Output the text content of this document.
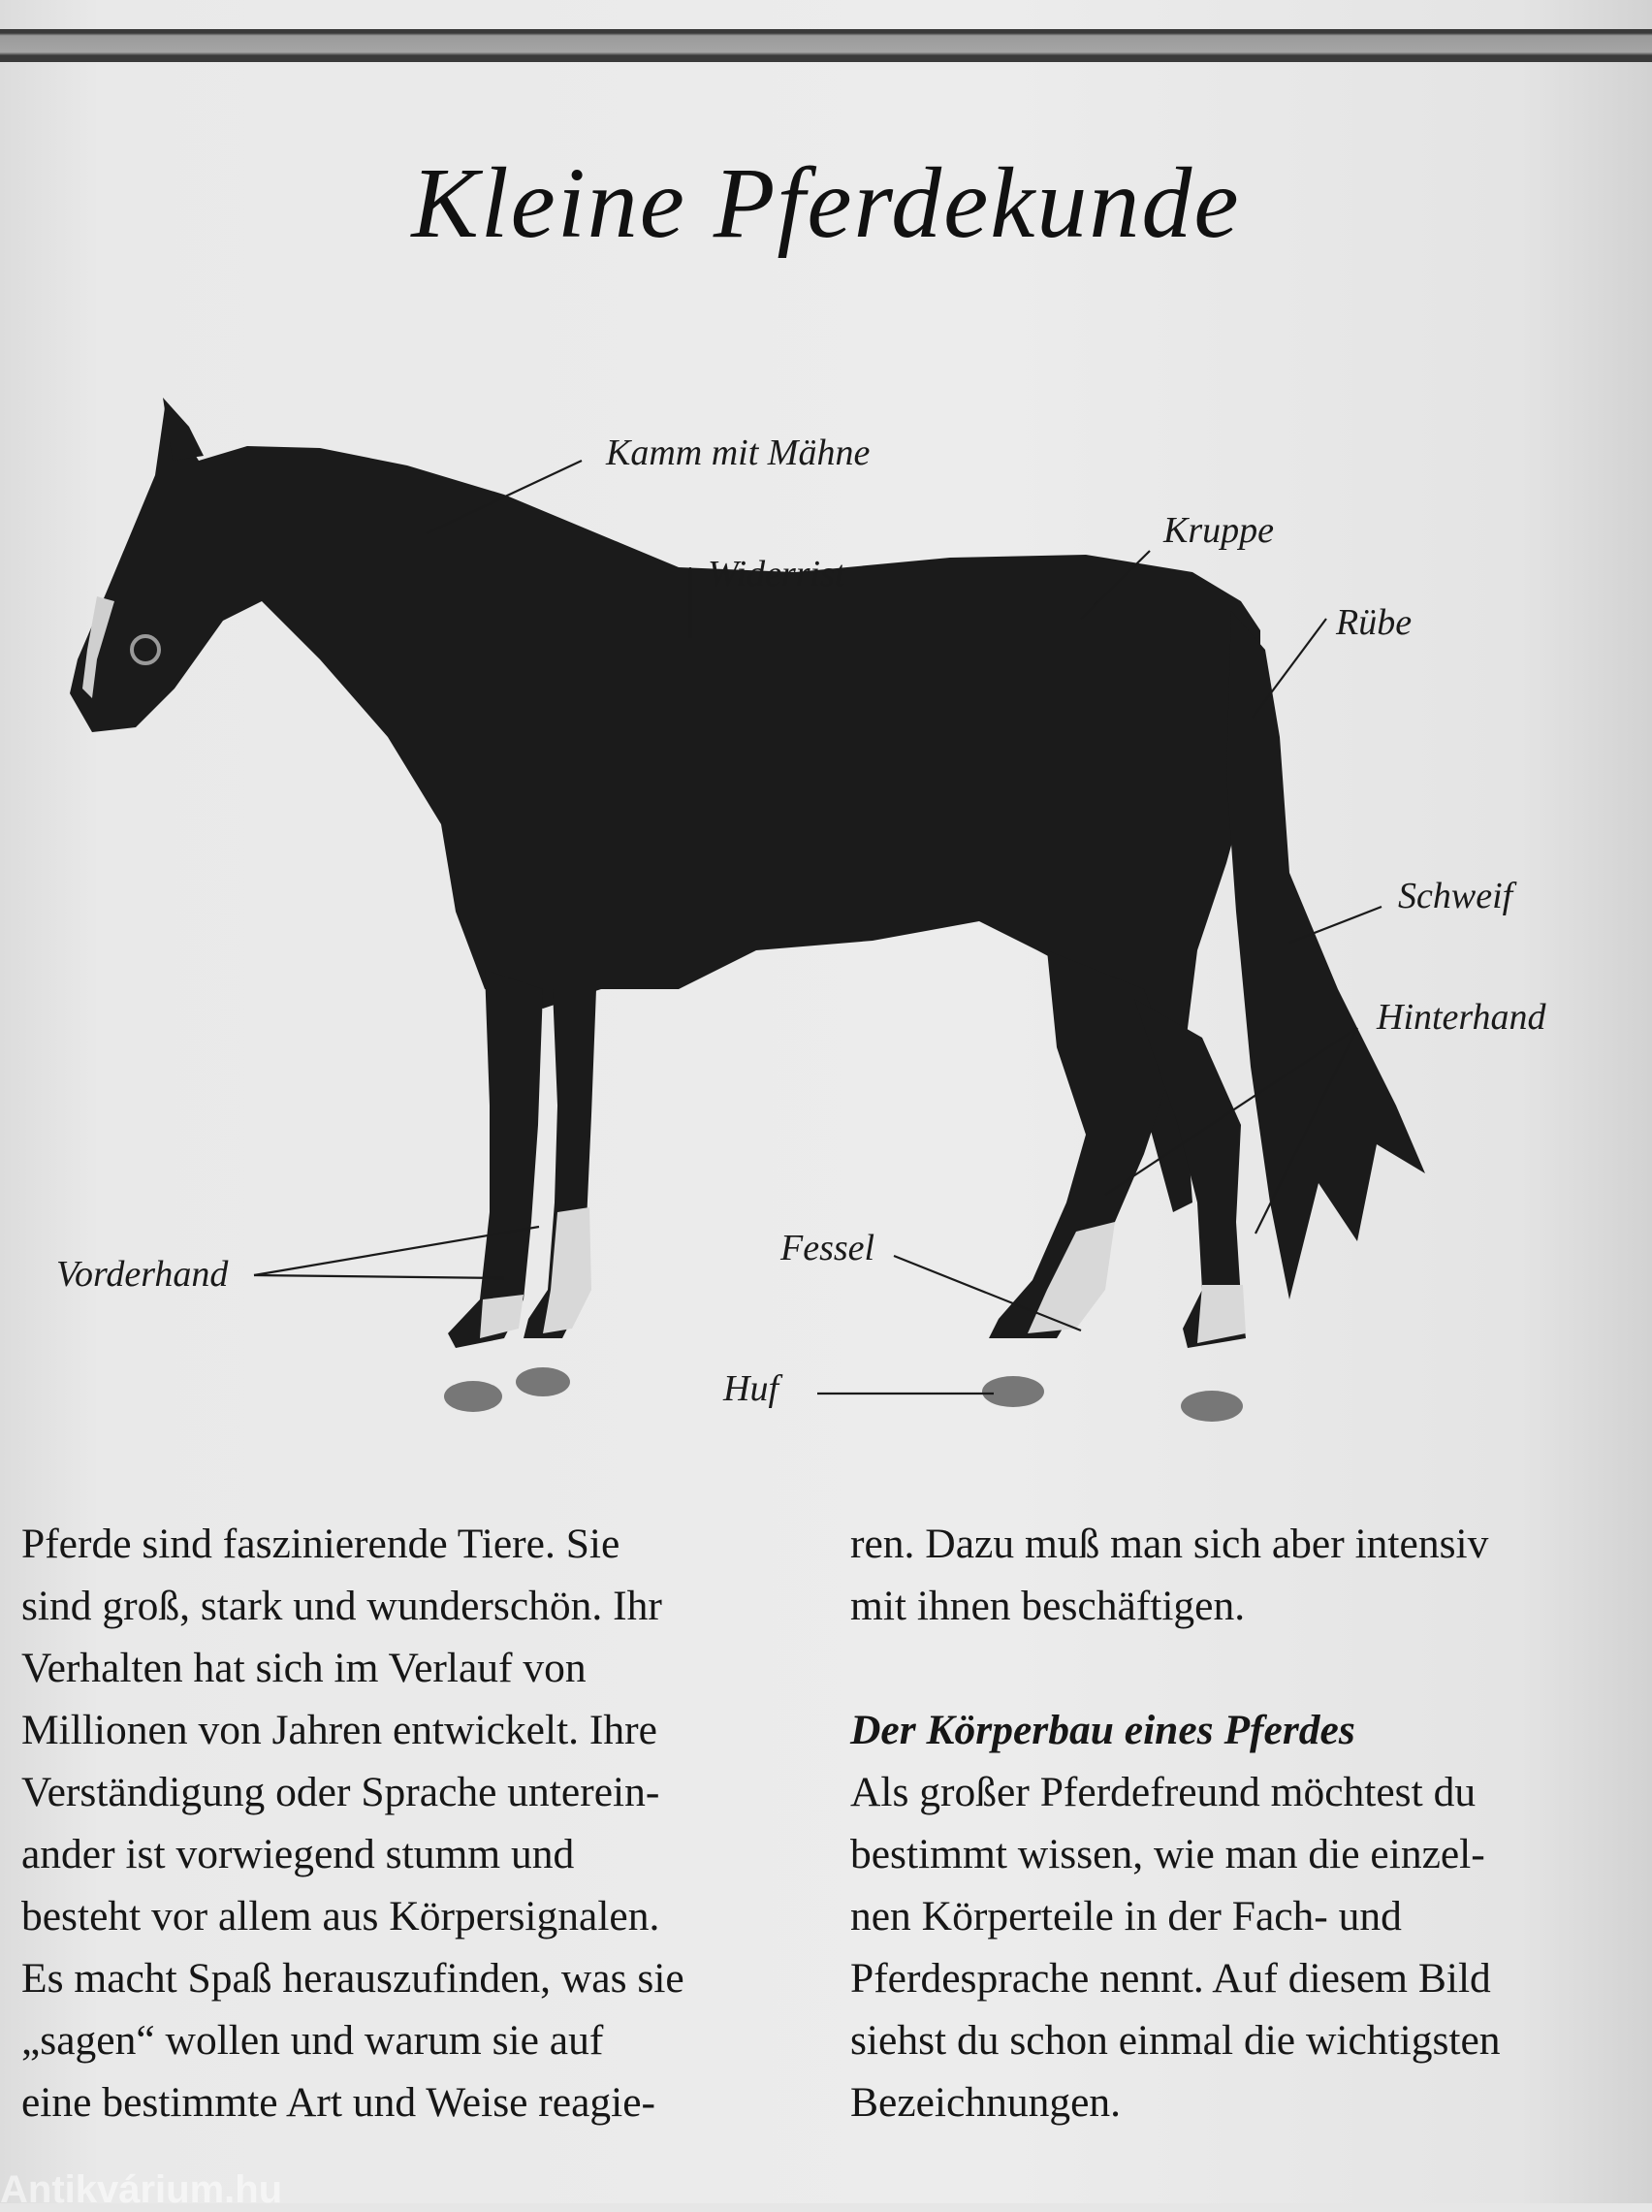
Kleine Pferdekunde
Kamm mit Mähne
Widerrist
Kruppe
Rübe
Schweif
Hinterhand
Fessel
Huf
Vorderhand
Pferde sind faszinierende Tiere. Sie
sind groß, stark und wunderschön. Ihr
Verhalten hat sich im Verlauf von
Millionen von Jahren entwickelt. Ihre
Verständigung oder Sprache unterein-
ander ist vorwiegend stumm und
besteht vor allem aus Körpersignalen.
Es macht Spaß herauszufinden, was sie
„sagen“ wollen und warum sie auf
eine bestimmte Art und Weise reagie-
ren. Dazu muß man sich aber intensiv
mit ihnen beschäftigen.
Der Körperbau eines Pferdes
Als großer Pferdefreund möchtest du
bestimmt wissen, wie man die einzel-
nen Körperteile in der Fach- und
Pferdesprache nennt. Auf diesem Bild
siehst du schon einmal die wichtigsten
Bezeichnungen.
Antikvárium.hu
